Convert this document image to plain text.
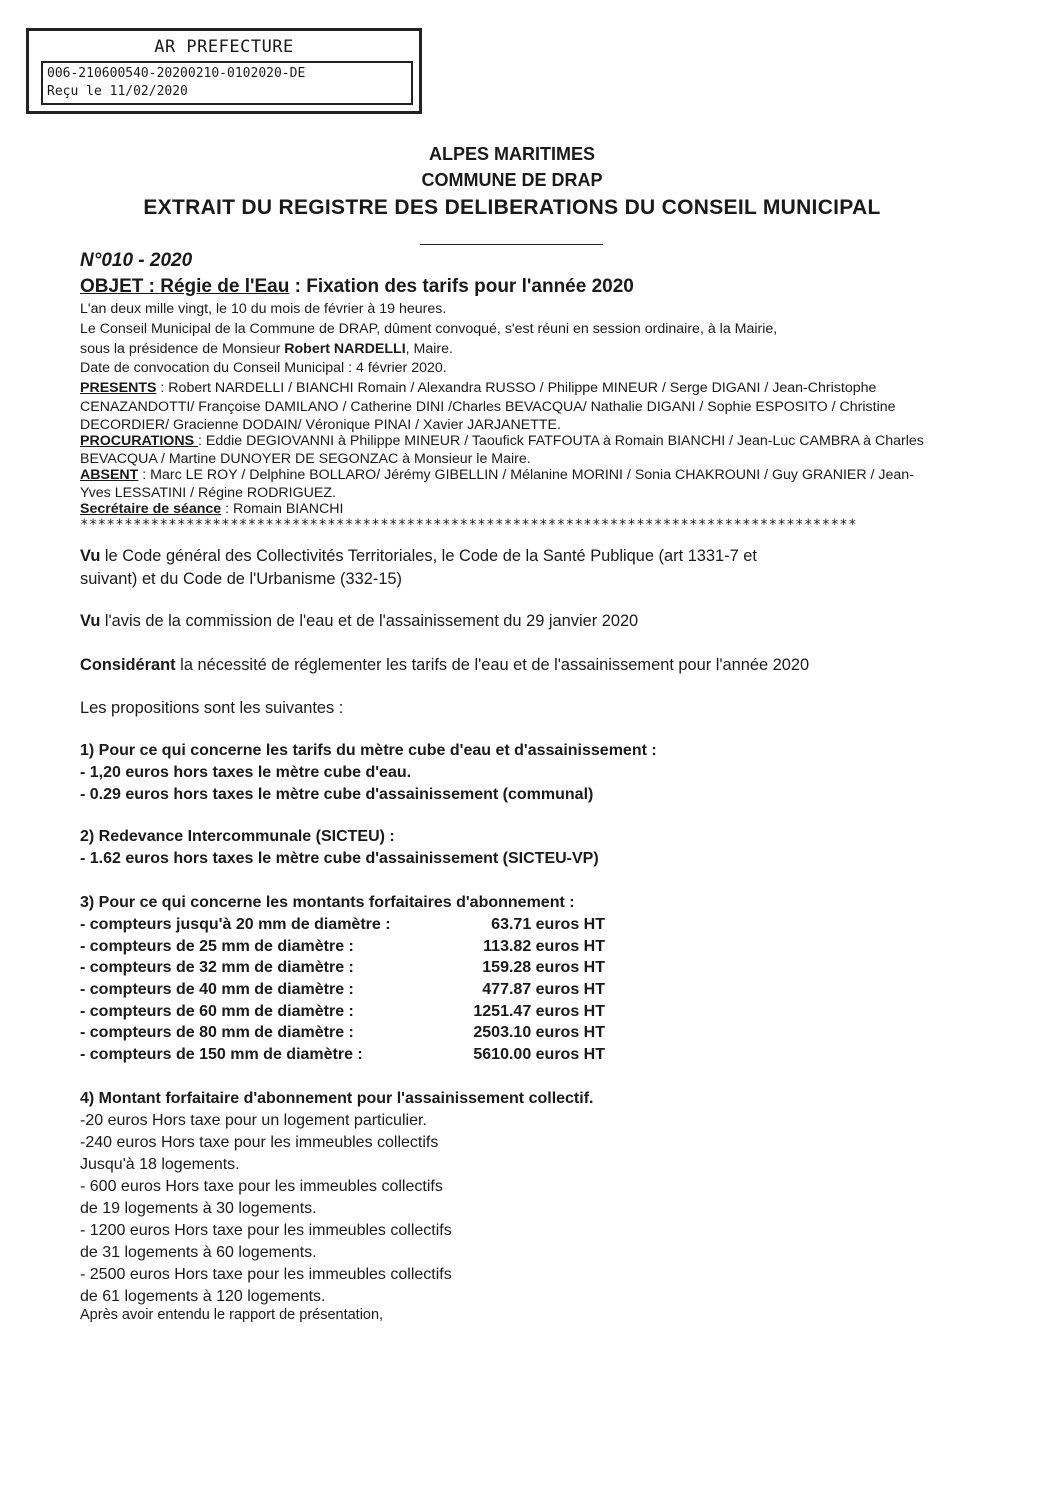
AR PREFECTURE
006-210600540-20200210-0102020-DE
Reçu le 11/02/2020
ALPES MARITIMES
COMMUNE DE DRAP
EXTRAIT DU REGISTRE DES DELIBERATIONS DU CONSEIL MUNICIPAL
N°010 - 2020
OBJET : Régie de l'Eau : Fixation des tarifs pour l'année 2020
L'an deux mille vingt, le 10 du mois de février à 19 heures.
Le Conseil Municipal de la Commune de DRAP, dûment convoqué, s'est réuni en session ordinaire, à la Mairie,
sous la présidence de Monsieur Robert NARDELLI, Maire.
Date de convocation du Conseil Municipal : 4 février 2020.
PRESENTS : Robert NARDELLI / BIANCHI Romain / Alexandra RUSSO / Philippe MINEUR / Serge DIGANI / Jean-Christophe
CENAZANDOTTI/ Françoise DAMILANO / Catherine DINI /Charles BEVACQUA/ Nathalie DIGANI / Sophie ESPOSITO / Christine
DECORDIER/ Gracienne DODAIN/ Véronique PINAI / Xavier JARJANETTE.
PROCURATIONS : Eddie DEGIOVANNI à Philippe MINEUR / Taoufick FATFOUTA à Romain BIANCHI / Jean-Luc CAMBRA à Charles
BEVACQUA / Martine DUNOYER DE SEGONZAC à Monsieur le Maire.
ABSENT : Marc LE ROY / Delphine BOLLARO/ Jérémy GIBELLIN / Mélanine MORINI / Sonia CHAKROUNI / Guy GRANIER / Jean-
Yves LESSATINI / Régine RODRIGUEZ.
Secrétaire de séance : Romain BIANCHI
****************************************************************************************
Vu le Code général des Collectivités Territoriales, le Code de la Santé Publique (art 1331-7 et
suivant) et du Code de l'Urbanisme (332-15)
Vu l'avis de la commission de l'eau et de l'assainissement du 29 janvier 2020
Considérant la nécessité de réglementer les tarifs de l'eau et de l'assainissement pour l'année 2020
Les propositions sont les suivantes :
1) Pour ce qui concerne les tarifs du mètre cube d'eau et d'assainissement :
- 1,20 euros hors taxes le mètre cube d'eau.
- 0.29 euros hors taxes le mètre cube d'assainissement (communal)
2) Redevance Intercommunale (SICTEU) :
- 1.62 euros hors taxes le mètre cube d'assainissement (SICTEU-VP)
3) Pour ce qui concerne les montants forfaitaires d'abonnement :
- compteurs jusqu'à 20 mm de diamètre :	63.71 euros HT
- compteurs de 25 mm de diamètre :	113.82 euros HT
- compteurs de 32 mm de diamètre :	159.28 euros HT
- compteurs de 40 mm de diamètre :	477.87 euros HT
- compteurs de 60 mm de diamètre :	1251.47 euros HT
- compteurs de 80 mm de diamètre :	2503.10 euros HT
- compteurs de 150 mm de diamètre :	5610.00 euros HT
4) Montant forfaitaire d'abonnement pour l'assainissement collectif.
-20 euros Hors taxe pour un logement particulier.
-240 euros Hors taxe pour les immeubles collectifs
Jusqu'à 18 logements.
- 600 euros Hors taxe pour les immeubles collectifs
de 19 logements à 30 logements.
- 1200 euros Hors taxe pour les immeubles collectifs
de 31 logements à 60 logements.
- 2500 euros Hors taxe pour les immeubles collectifs
de 61 logements à 120 logements.
Après avoir entendu le rapport de présentation,
